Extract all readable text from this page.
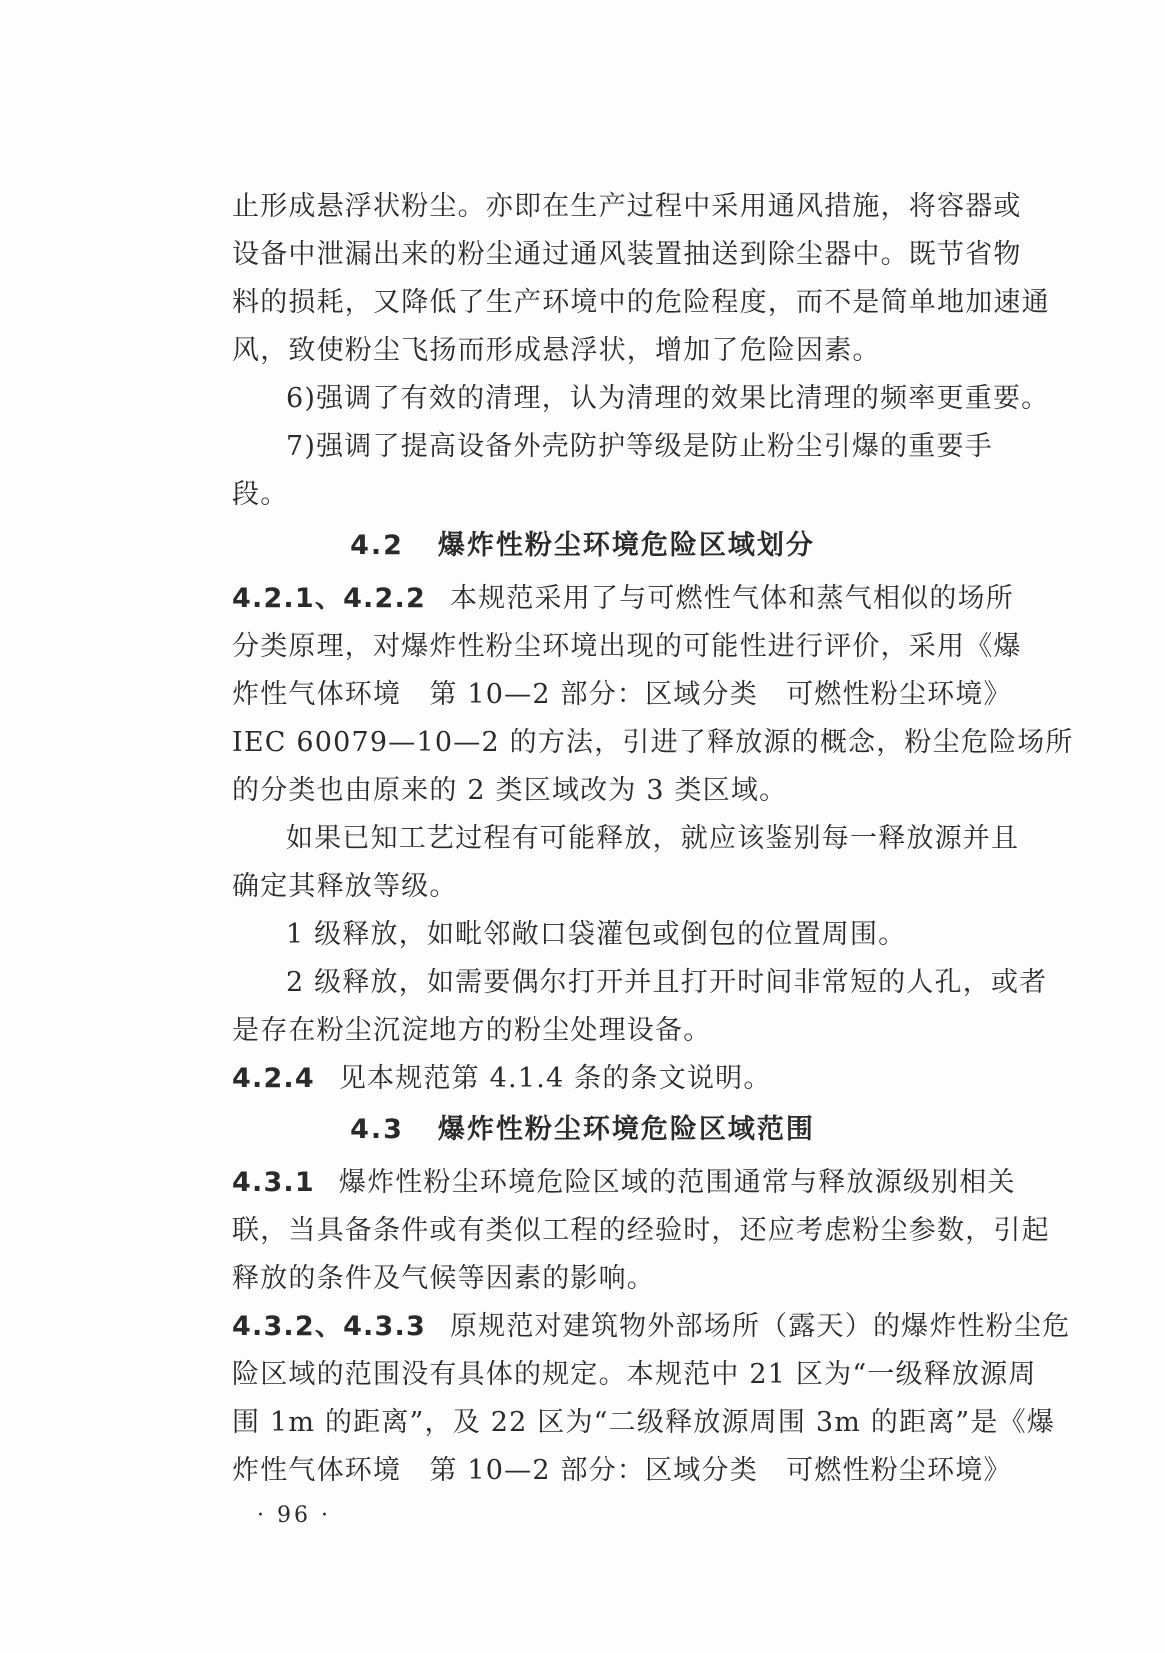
止形成悬浮状粉尘。亦即在生产过程中采用通风措施，将容器或
设备中泄漏出来的粉尘通过通风装置抽送到除尘器中。既节省物
料的损耗，又降低了生产环境中的危险程度，而不是简单地加速通
风，致使粉尘飞扬而形成悬浮状，增加了危险因素。
6)强调了有效的清理，认为清理的效果比清理的频率更重要。
7)强调了提高设备外壳防护等级是防止粉尘引爆的重要手
段。
4.2 爆炸性粉尘环境危险区域划分
4.2.1、4.2.2 本规范采用了与可燃性气体和蒸气相似的场所
分类原理，对爆炸性粉尘环境出现的可能性进行评价，采用《爆
炸性气体环境　第 10—2 部分：区域分类　可燃性粉尘环境》
IEC 60079—10—2 的方法，引进了释放源的概念，粉尘危险场所
的分类也由原来的 2 类区域改为 3 类区域。
如果已知工艺过程有可能释放，就应该鉴别每一释放源并且
确定其释放等级。
1 级释放，如毗邻敞口袋灌包或倒包的位置周围。
2 级释放，如需要偶尔打开并且打开时间非常短的人孔，或者
是存在粉尘沉淀地方的粉尘处理设备。
4.2.4 见本规范第 4.1.4 条的条文说明。
4.3 爆炸性粉尘环境危险区域范围
4.3.1 爆炸性粉尘环境危险区域的范围通常与释放源级别相关
联，当具备条件或有类似工程的经验时，还应考虑粉尘参数，引起
释放的条件及气候等因素的影响。
4.3.2、4.3.3 原规范对建筑物外部场所（露天）的爆炸性粉尘危
险区域的范围没有具体的规定。本规范中 21 区为“一级释放源周
围 1m 的距离”，及 22 区为“二级释放源周围 3m 的距离”是《爆
炸性气体环境　第 10—2 部分：区域分类　可燃性粉尘环境》
· 96 ·
